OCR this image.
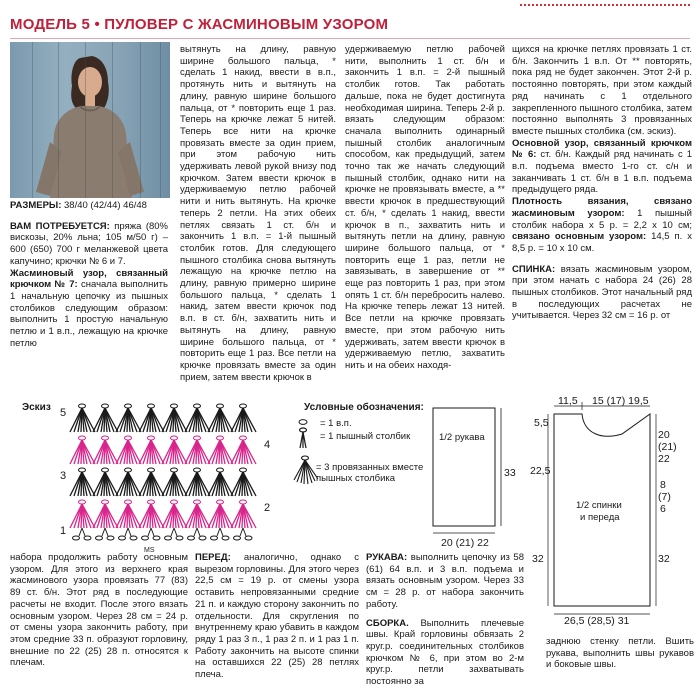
МОДЕЛЬ 5 • ПУЛОВЕР С ЖАСМИНОВЫМ УЗОРОМ

РАЗМЕРЫ: 38/40 (42/44) 46/48

ВАМ ПОТРЕБУЕТСЯ: пряжа (80% вискозы, 20% льна; 105 м/50 г) – 600 (650) 700 г меланжевой цвета капучино; крючки № 6 и 7.

Жасминовый узор, связанный крючком № 7: сначала выполнить 1 начальную цепочку из пышных столбиков следующим образом: выполнить 1 простую начальную петлю и 1 в.п., лежащую на крючке петлю

вытянуть на длину, равную ширине большого пальца, * сделать 1 накид, ввести в в.п., протянуть нить и вытянуть на длину, равную ширине большого пальца, от * повторить еще 1 раз. Теперь на крючке лежат 5 нитей. Теперь все нити на крючке провязать вместе за один прием, при этом рабочую нить удерживать левой рукой внизу под крючком. Затем ввести крючок в удерживаемую петлю рабочей нити и нить вытянуть. На крючке теперь 2 петли. На этих обеих петлях связать 1 ст. б/н и закончить 1 в.п. = 1-й пышный столбик готов. Для следующего пышного столбика снова вытянуть лежащую на крючке петлю на длину, равную примерно ширине большого пальца, * сделать 1 накид, затем ввести крючок под в.п. в ст. б/н, захватить нить и вытянуть на длину, равную ширине большого пальца, от * повторить еще 1 раз. Все петли на крючке провязать вместе за один прием, затем ввести крючок в

удерживаемую петлю рабочей нити, выполнить 1 ст. б/н и закончить 1 в.п. = 2-й пышный столбик готов. Так работать дальше, пока не будет достигнута необходимая ширина. Теперь 2-й р. вязать следующим образом: сначала выполнить одинарный пышный столбик аналогичным способом, как предыдущий, затем точно так же начать следующий пышный столбик, однако нити на крючке не провязывать вместе, а ** ввести крючок в предшествующий ст. б/н, * сделать 1 накид, ввести крючок в п., захватить нить и вытянуть петли на длину, равную ширине большого пальца, от * повторить еще 1 раз, петли не зaвязывать, в завершение от ** еще раз повторить 1 раз, при этом опять 1 ст. б/н перебросить налево. На крючке теперь лежат 13 нитей. Все петли на крючке провязать вместе, при этом рабочую нить удерживать, затем ввести крючок в удерживаемую петлю, захватить нить и на обеих находя-

щихся на крючке петлях провязать 1 ст. б/н. Закончить 1 в.п. От ** повторять, пока ряд не будет закончен. Этот 2-й р. постоянно повторять, при этом каждый ряд начинать с 1 отдельного закрепленного пышного столбика, затем постоянно выполнять 3 провязанных вместе пышных столбика (см. эскиз).

Основной узор, связанный крючком № 6: ст. б/н. Каждый ряд начинать с 1 в.п. подъема вместо 1-го ст. с/н и заканчивать 1 ст. б/н в 1 в.п. подъема предыдущего ряда.

Плотность вязания, связано жасминовым узором: 1 пышный столбик набора х 5 р. = 2,2 х 10 см; связано основным узором: 14,5 п. х 8,5 р. = 10 х 10 см.

СПИНКА: вязать жасминовым узором, при этом начать с набора 24 (26) 28 пышных столбиков. Этот начальный ряд в последующих расчетах не учитывается. Через 32 см = 16 р. от

Эскиз 5
4
3
2
1
MS
Условные обозначения:
= 1 в.п.
= 1 пышный столбик
= 3 провязанных вместе пышных столбика
1/2 рукава
33
20 (21) 22
11,5 15 (17) 19,5
5,5
22,5
32
20
(21)
22
8
(7)
6
32
1/2 спинки
и переда
26,5 (28,5) 31

набора продолжить работу основным узором. Для этого из верхнего края жасминового узора провязать 77 (83) 89 ст. б/н. Этот ряд в последующие расчеты не входит. После этого вязать основным узором. Через 28 см = 24 р. от смены узора закончить работу, при этом средние 33 п. образуют горловину, внешние по 22 (25) 28 п. относятся к плечам.

ПЕРЕД: аналогично, однако с вырезом горловины. Для этого через 22,5 см = 19 р. от смены узора оставить непровязанными средние 21 п. и каждую сторону закончить по отдельности. Для скругления по внутреннему краю убавить в каждом ряду 1 раз 3 п., 1 раз 2 п. и 1 раз 1 п. Работу закончить на высоте спинки на оставшихся 22 (25) 28 петлях плеча.

РУКАВА: выполнить цепочку из 58 (61) 64 в.п. и 3 в.п. подъема и вязать основным узором. Через 33 см = 28 р. от набора закончить работу.

СБОРКА. Выполнить плечевые швы. Край горловины обвязать 2 круг.р. соединительных столбиков крючком № 6, при этом во 2-м круг.р. петли захватывать постоянно за

заднюю стенку петли. Вшить рукава, выполнить швы рукавов и боковые швы.
